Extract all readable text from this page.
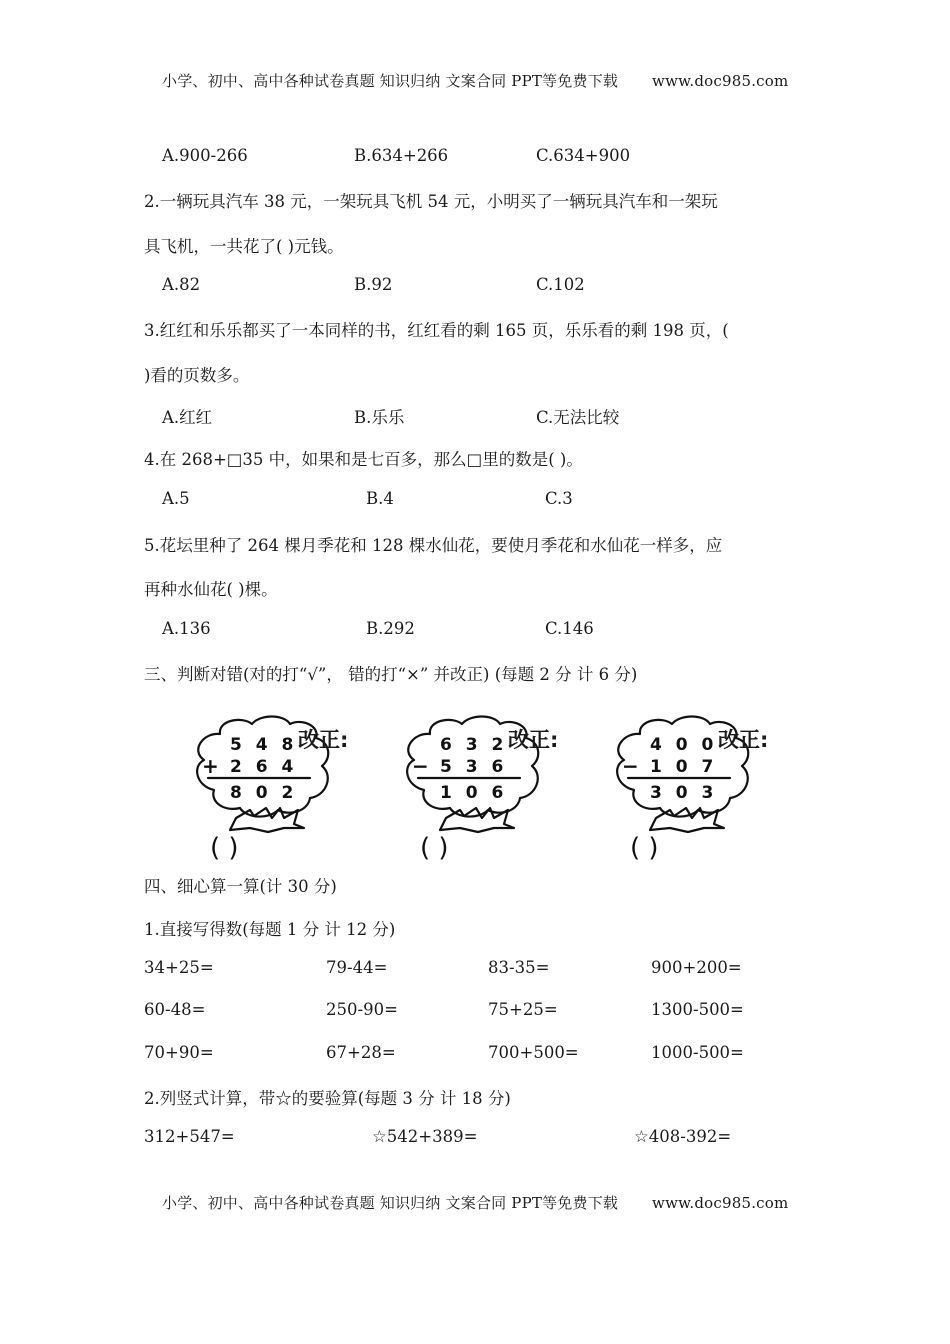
小学、初中、高中各种试卷真题 知识归纳 文案合同 PPT等免费下载 www.doc985.com
A.900-266	B.634+266	C.634+900
2.一辆玩具汽车 38 元，一架玩具飞机 54 元，小明买了一辆玩具汽车和一架玩
具飞机，一共花了( )元钱。
A.82	B.92	C.102
3.红红和乐乐都买了一本同样的书，红红看的剩 165 页，乐乐看的剩 198 页，(
)看的页数多。
A.红红	B.乐乐	C.无法比较
4.在 268+□35 中，如果和是七百多，那么□里的数是( )。
A.5	B.4	C.3
5.花坛里种了 264 棵月季花和 128 棵水仙花，要使月季花和水仙花一样多，应
再种水仙花( )棵。
A.136	B.292	C.146
三、判断对错(对的打“√”， 错的打“×” 并改正) (每题 2 分 计 6 分)
5 4 8
+ 2 6 4
8 0 2
( )
改正:	6 3 2
− 5 3 6
1 0 6
( )
改正:	4 0 0
− 1 0 7
3 0 3
( )
改正:
四、细心算一算(计 30 分)
1.直接写得数(每题 1 分 计 12 分)
34+25=	79-44=	83-35=	900+200=
60-48=	250-90=	75+25=	1300-500=
70+90=	67+28=	700+500=	1000-500=
2.列竖式计算，带☆的要验算(每题 3 分 计 18 分)
312+547=	☆542+389=	☆408-392=
小学、初中、高中各种试卷真题 知识归纳 文案合同 PPT等免费下载 www.doc985.com
